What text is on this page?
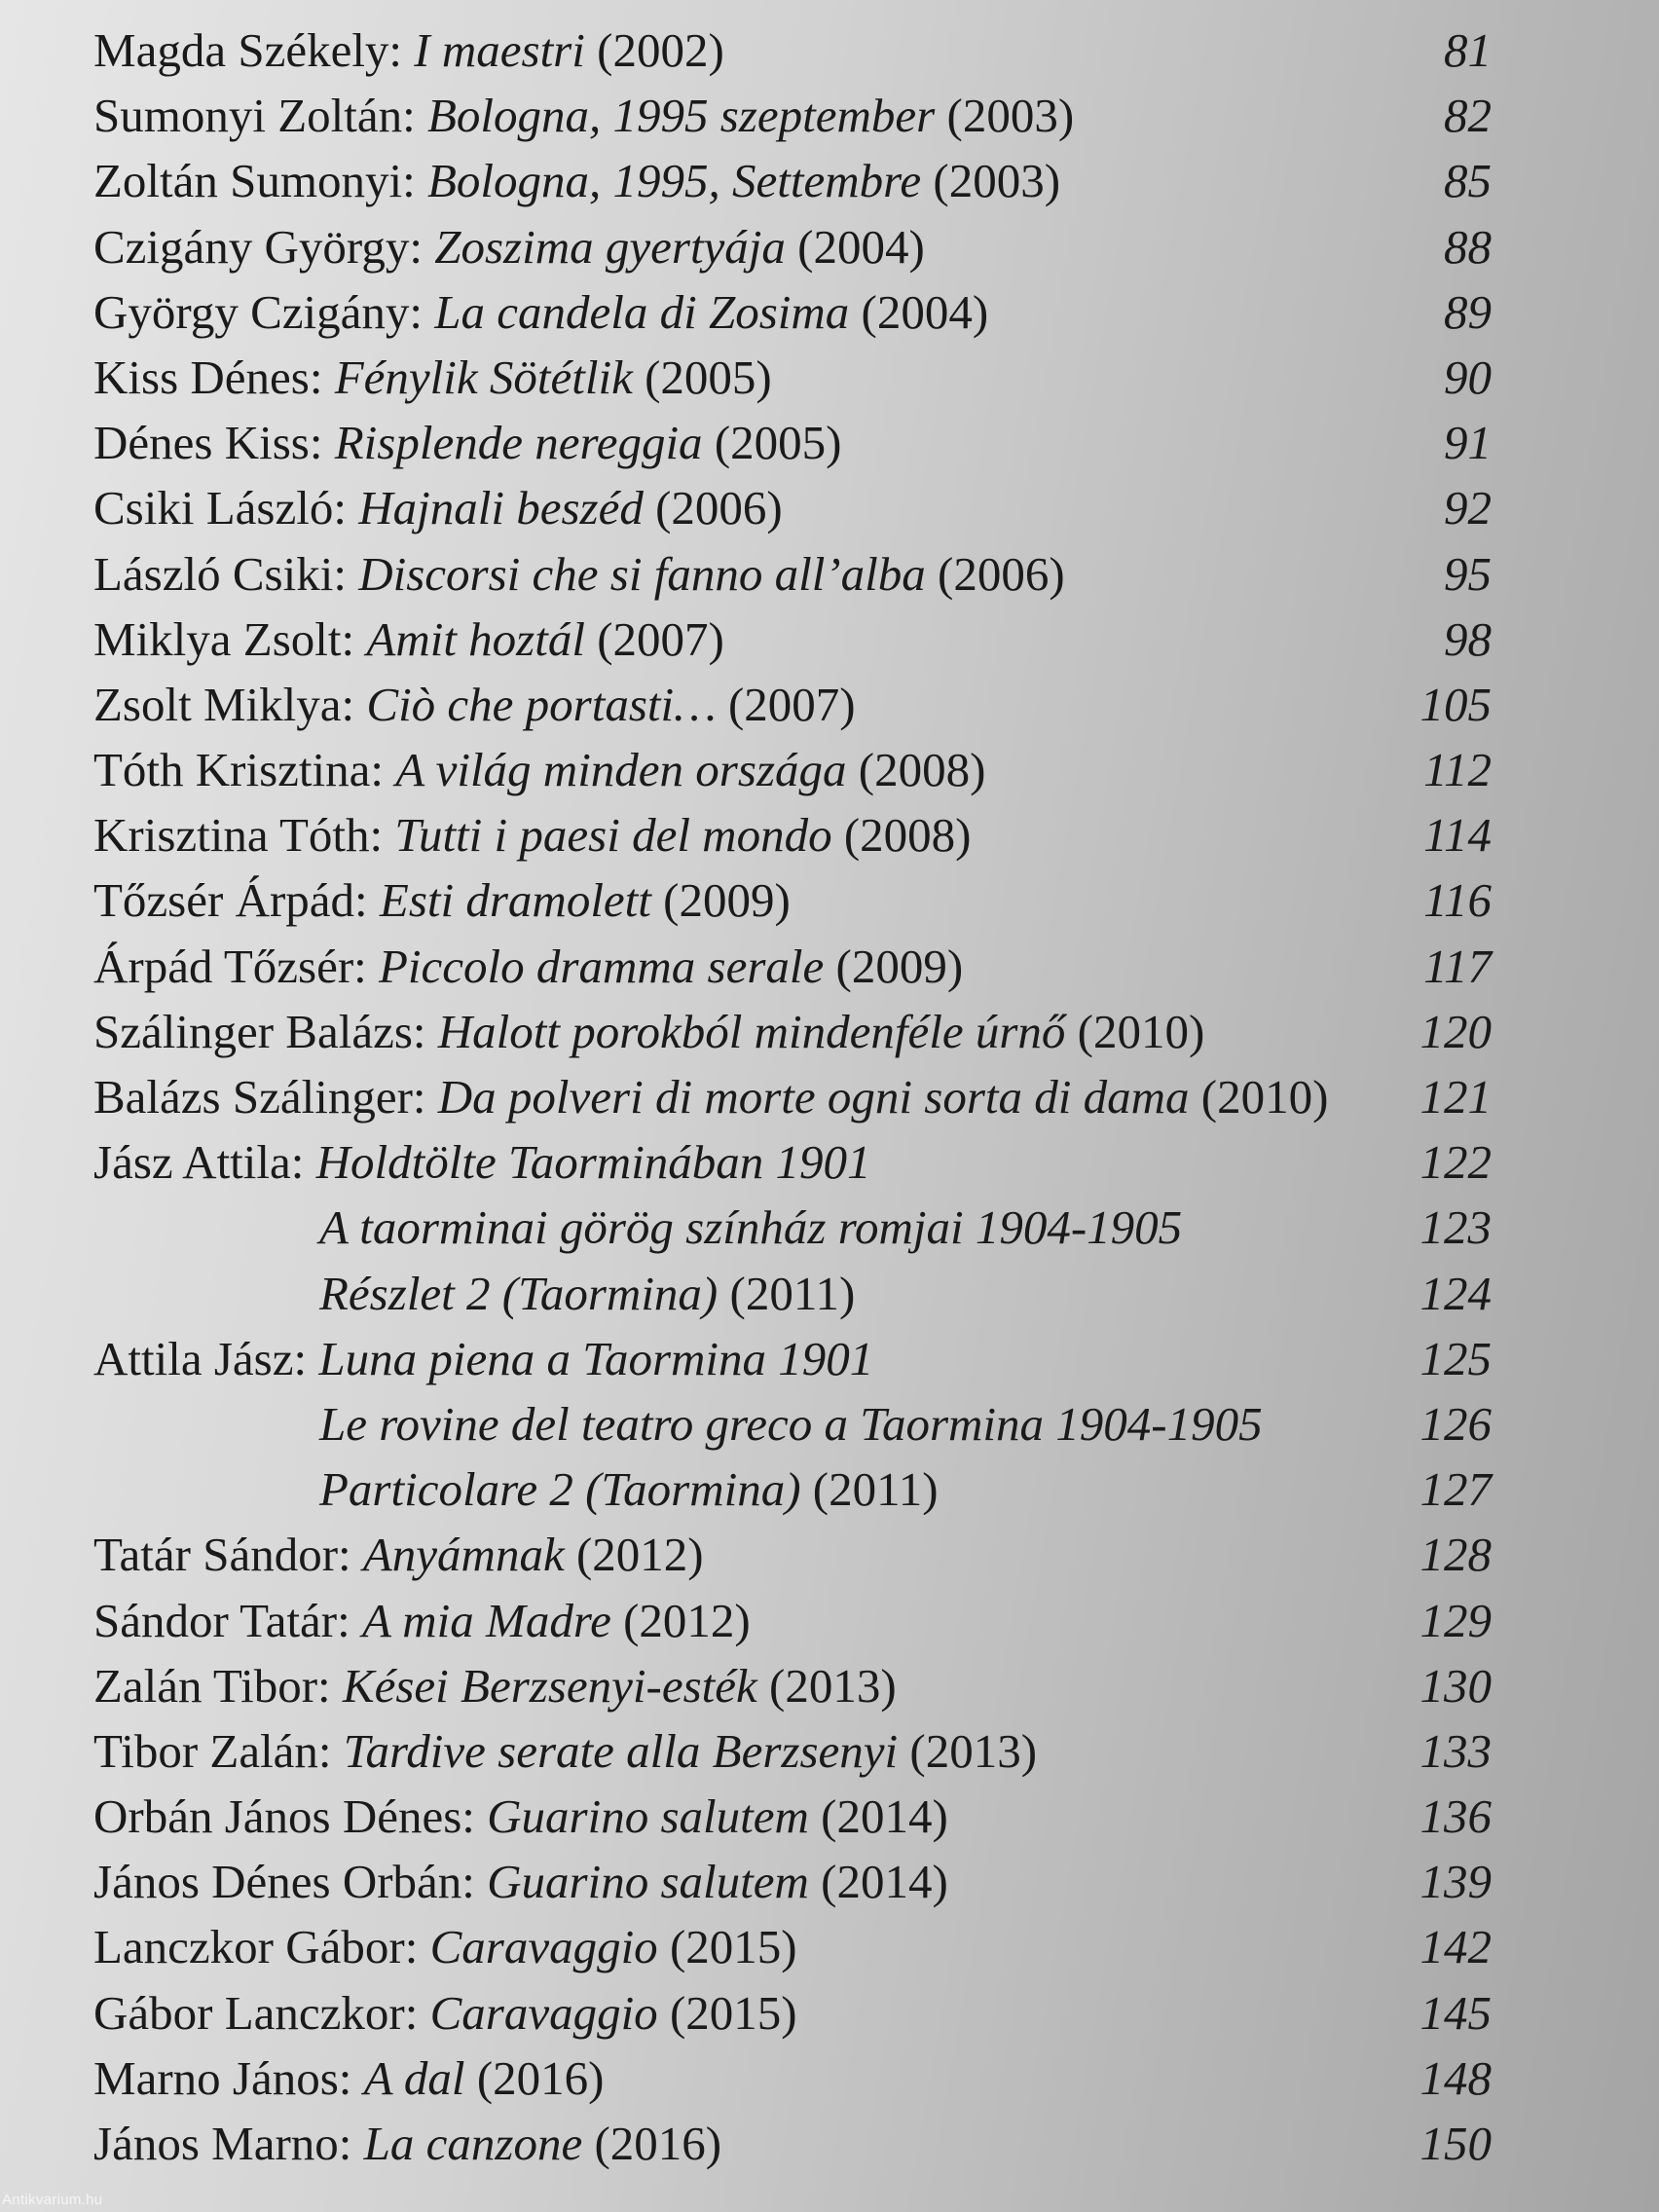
Magda Székely: I maestri (2002)	81
Sumonyi Zoltán: Bologna, 1995 szeptember (2003)	82
Zoltán Sumonyi: Bologna, 1995, Settembre (2003)	85
Czigány György: Zoszima gyertyája (2004)	88
György Czigány: La candela di Zosima (2004)	89
Kiss Dénes: Fénylik Sötétlik (2005)	90
Dénes Kiss: Risplende nereggia (2005)	91
Csiki László: Hajnali beszéd (2006)	92
László Csiki: Discorsi che si fanno all’alba (2006)	95
Miklya Zsolt: Amit hoztál (2007)	98
Zsolt Miklya: Ciò che portasti… (2007)	105
Tóth Krisztina: A világ minden országa (2008)	112
Krisztina Tóth: Tutti i paesi del mondo (2008)	114
Tőzsér Árpád: Esti dramolett (2009)	116
Árpád Tőzsér: Piccolo dramma serale (2009)	117
Szálinger Balázs: Halott porokból mindenféle úrnő (2010)	120
Balázs Szálinger: Da polveri di morte ogni sorta di dama (2010) 121
Jász Attila: Holdtölte Taorminában 1901	122
A taorminai görög színház romjai 1904-1905	123
Részlet 2 (Taormina) (2011)	124
Attila Jász: Luna piena a Taormina 1901	125
Le rovine del teatro greco a Taormina 1904-1905	126
Particolare 2 (Taormina) (2011)	127
Tatár Sándor: Anyámnak (2012)	128
Sándor Tatár: A mia Madre (2012)	129
Zalán Tibor: Kései Berzsenyi-esték (2013)	130
Tibor Zalán: Tardive serate alla Berzsenyi (2013)	133
Orbán János Dénes: Guarino salutem (2014)	136
János Dénes Orbán: Guarino salutem (2014)	139
Lanczkor Gábor: Caravaggio (2015)	142
Gábor Lanczkor: Caravaggio (2015)	145
Marno János: A dal (2016)	148
János Marno: La canzone (2016)	150
Antikvarium.hu
